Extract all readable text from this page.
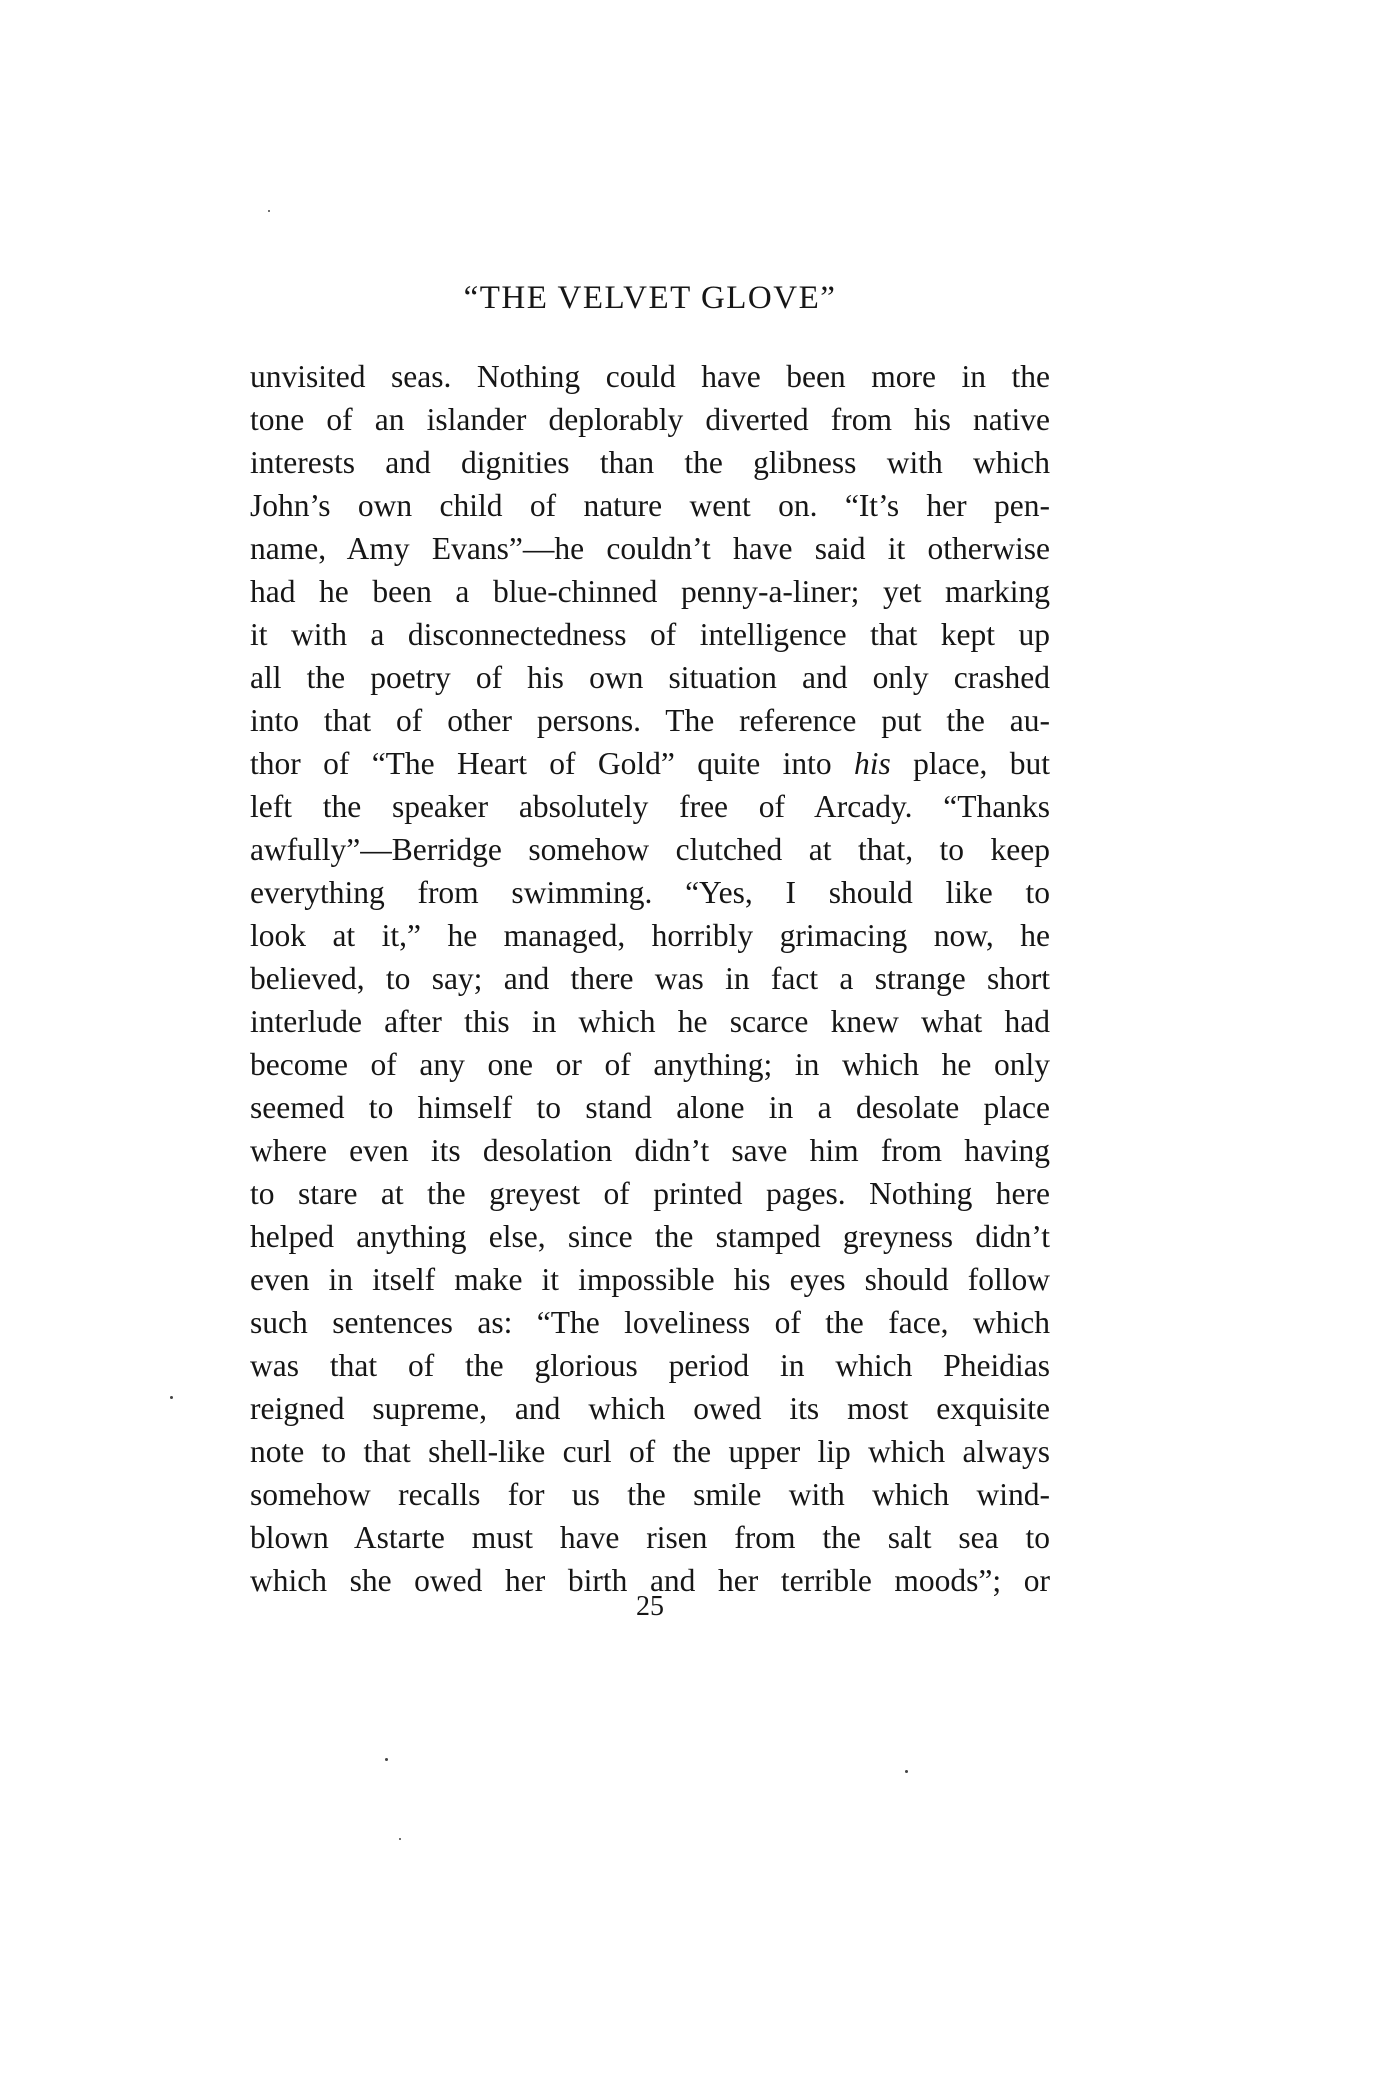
“THE VELVET GLOVE”
unvisited seas. Nothing could have been more in the
tone of an islander deplorably diverted from his native
interests and dignities than the glibness with which
John’s own child of nature went on. “It’s her pen-
name, Amy Evans”—he couldn’t have said it otherwise
had he been a blue-chinned penny-a-liner; yet marking
it with a disconnectedness of intelligence that kept up
all the poetry of his own situation and only crashed
into that of other persons. The reference put the au-
thor of “The Heart of Gold” quite into his place, but
left the speaker absolutely free of Arcady. “Thanks
awfully”—Berridge somehow clutched at that, to keep
everything from swimming. “Yes, I should like to
look at it,” he managed, horribly grimacing now, he
believed, to say; and there was in fact a strange short
interlude after this in which he scarce knew what had
become of any one or of anything; in which he only
seemed to himself to stand alone in a desolate place
where even its desolation didn’t save him from having
to stare at the greyest of printed pages. Nothing here
helped anything else, since the stamped greyness didn’t
even in itself make it impossible his eyes should follow
such sentences as: “The loveliness of the face, which
was that of the glorious period in which Pheidias
reigned supreme, and which owed its most exquisite
note to that shell-like curl of the upper lip which always
somehow recalls for us the smile with which wind-
blown Astarte must have risen from the salt sea to
which she owed her birth and her terrible moods”; or
25
